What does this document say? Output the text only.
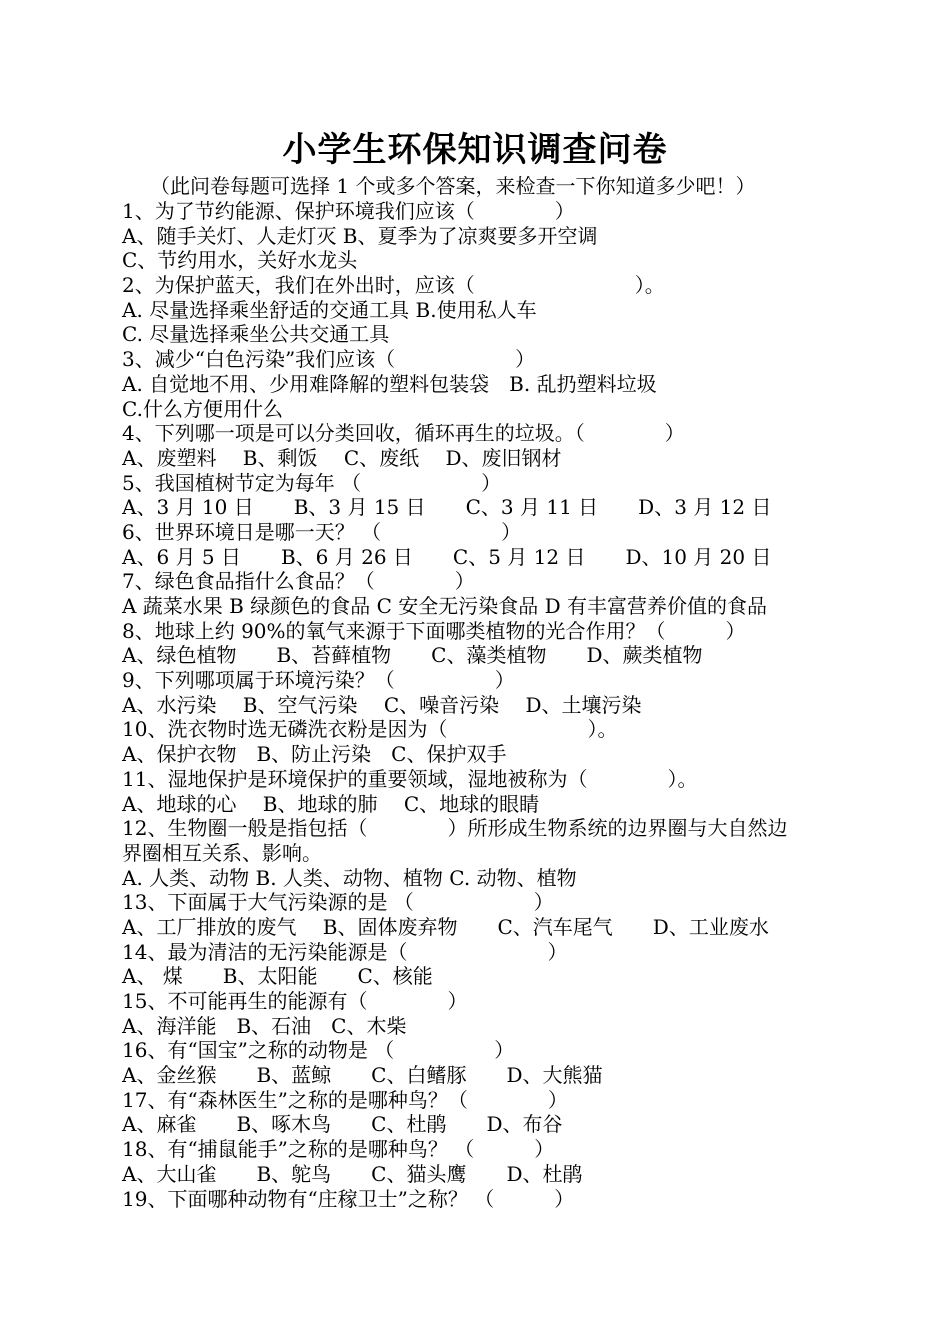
小学生环保知识调查问卷
（此问卷每题可选择 1 个或多个答案，来检查一下你知道多少吧！）
1、为了节约能源、保护环境我们应该（　　　　）
A、随手关灯、人走灯灭 B、夏季为了凉爽要多开空调
C、节约用水，关好水龙头
2、为保护蓝天，我们在外出时，应该（　　　　　　　　）。
A. 尽量选择乘坐舒适的交通工具 B.使用私人车
C. 尽量选择乘坐公共交通工具
3、减少“白色污染”我们应该（　　　　　　）
A. 自觉地不用、少用难降解的塑料包装袋　B. 乱扔塑料垃圾
C.什么方便用什么
4、下列哪一项是可以分类回收，循环再生的垃圾。（　　　　）
A、废塑料　 B、剩饭　 C、废纸　 D、废旧钢材
5、我国植树节定为每年 （　　　　　　）
A、3 月 10 日　　B、3 月 15 日　　C、3 月 11 日　　D、3 月 12 日
6、世界环境日是哪一天？ （　　　　　　）
A、6 月 5 日　　B、6 月 26 日　　C、5 月 12 日　　D、10 月 20 日
7、绿色食品指什么食品？（　　　　）
A 蔬菜水果 B 绿颜色的食品 C 安全无污染食品 D 有丰富营养价值的食品
8、地球上约 90%的氧气来源于下面哪类植物的光合作用？（　　　）
A、绿色植物　　B、苔藓植物　　C、藻类植物　　D、蕨类植物
9、下列哪项属于环境污染？（　　　　　）
A、水污染　 B、空气污染　 C、噪音污染　 D、土壤污染
10、洗衣物时选无磷洗衣粉是因为（　　　　　　　）。
A、保护衣物　B、防止污染　C、保护双手
11、湿地保护是环境保护的重要领域，湿地被称为（　　　　）。
A、地球的心　 B、地球的肺　 C、地球的眼睛
12、生物圈一般是指包括（　　　　）所形成生物系统的边界圈与大自然边
界圈相互关系、影响。
A. 人类、动物 B. 人类、动物、植物 C. 动物、植物
13、下面属于大气污染源的是 （　　　　　　）
A、工厂排放的废气　 B、固体废弃物　　C、汽车尾气　　D、工业废水
14、最为清洁的无污染能源是（　　　　　　　）
A、 煤　　B、太阳能　　C、核能
15、不可能再生的能源有（　　　　）
A、海洋能　B、石油　C、木柴
16、有“国宝”之称的动物是 （　　　　　）
A、金丝猴　　B、蓝鲸　　C、白鳍豚　　D、大熊猫
17、有“森林医生”之称的是哪种鸟？（　　　　）
A、麻雀　　B、啄木鸟　　C、杜鹃　　D、布谷
18、有“捕鼠能手”之称的是哪种鸟？ （　　　）
A、大山雀　　B、鸵鸟　　C、猫头鹰　　D、杜鹃
19、下面哪种动物有“庄稼卫士”之称？ （　　　）
